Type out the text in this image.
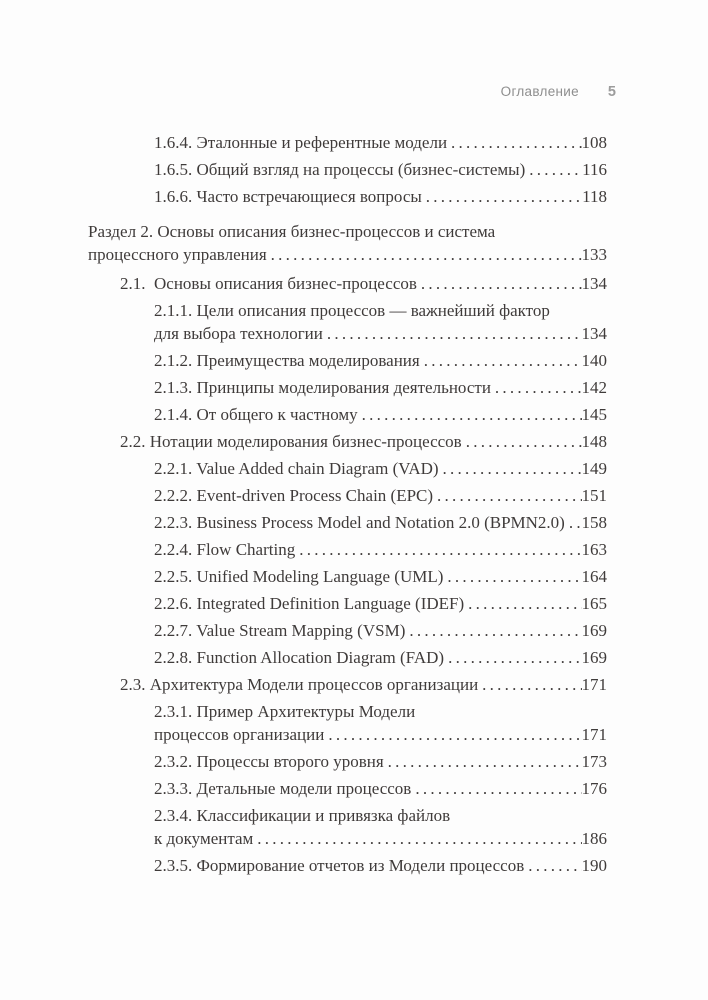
Оглавление 5
1.6.4. Эталонные и референтные модели . . .	108
1.6.5. Общий взгляд на процессы (бизнес-системы) . . .	116
1.6.6. Часто встречающиеся вопросы . . .	118
Раздел 2. Основы описания бизнес-процессов и система
процессного управления . . .	133
2.1.  Основы описания бизнес-процессов . . .	134
2.1.1. Цели описания процессов — важнейший фактор
для выбора технологии . . .	134
2.1.2. Преимущества моделирования . . .	140
2.1.3. Принципы моделирования деятельности . . .	142
2.1.4. От общего к частному . . .	145
2.2. Нотации моделирования бизнес-процессов . . .	148
2.2.1. Value Added chain Diagram (VAD) . . .	149
2.2.2. Event-driven Process Chain (EPC) . . .	151
2.2.3. Business Process Model and Notation 2.0 (BPMN2.0) . . . 158
2.2.4. Flow Charting . . .	163
2.2.5. Unified Modeling Language (UML) . . .	164
2.2.6. Integrated Definition Language (IDEF) . . .	165
2.2.7. Value Stream Mapping (VSM) . . .	169
2.2.8. Function Allocation Diagram (FAD) . . .	169
2.3. Архитектура Модели процессов организации . . .	171
2.3.1. Пример Архитектуры Модели
процессов организации . . .	171
2.3.2. Процессы второго уровня . . .	173
2.3.3. Детальные модели процессов . . .	176
2.3.4. Классификации и привязка файлов
к документам . . .	186
2.3.5. Формирование отчетов из Модели процессов . . .	190
